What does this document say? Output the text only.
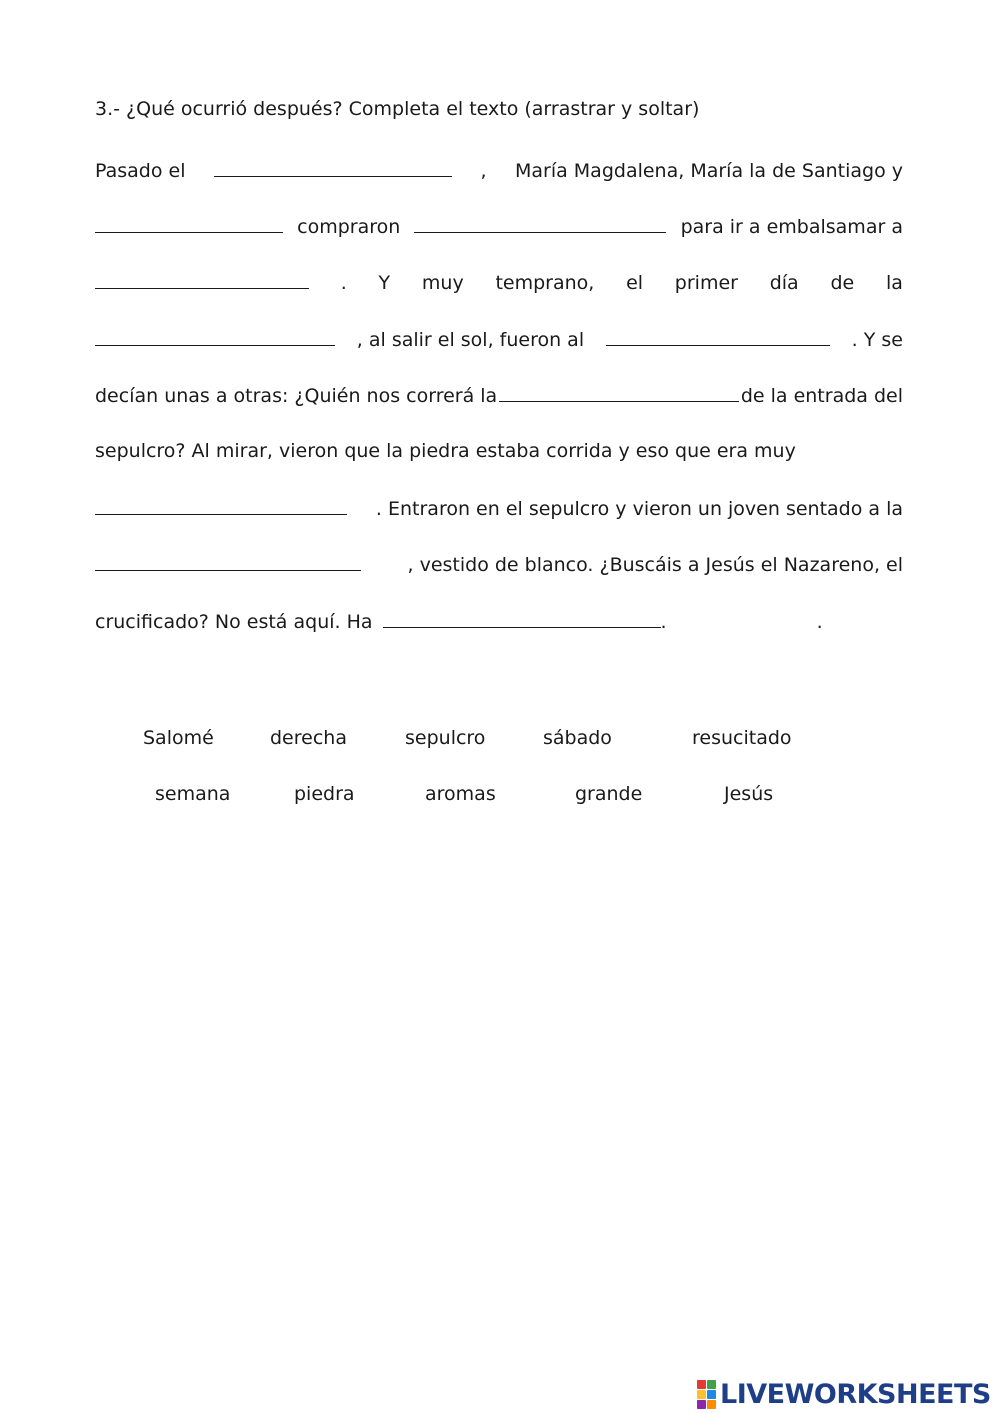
3.- ¿Qué ocurrió después? Completa el texto (arrastrar y soltar)
Pasado el	, María Magdalena, María la de Santiago y
compraron	para ir a embalsamar a
. Y muy temprano, el primer día de la
, al salir el sol, fueron al	. Y se
decían unas a otras: ¿Quién nos correrá la	de la entrada del
sepulcro? Al mirar, vieron que la piedra estaba corrida y eso que era muy
. Entraron en el sepulcro y vieron un joven sentado a la
, vestido de blanco. ¿Buscáis a Jesús el Nazareno, el
crucificado? No está aquí. Ha	.	.
Salomé	derecha	sepulcro	sábado	resucitado
semana	piedra	aromas	grande	Jesús
LIVEWORKSHEETS
